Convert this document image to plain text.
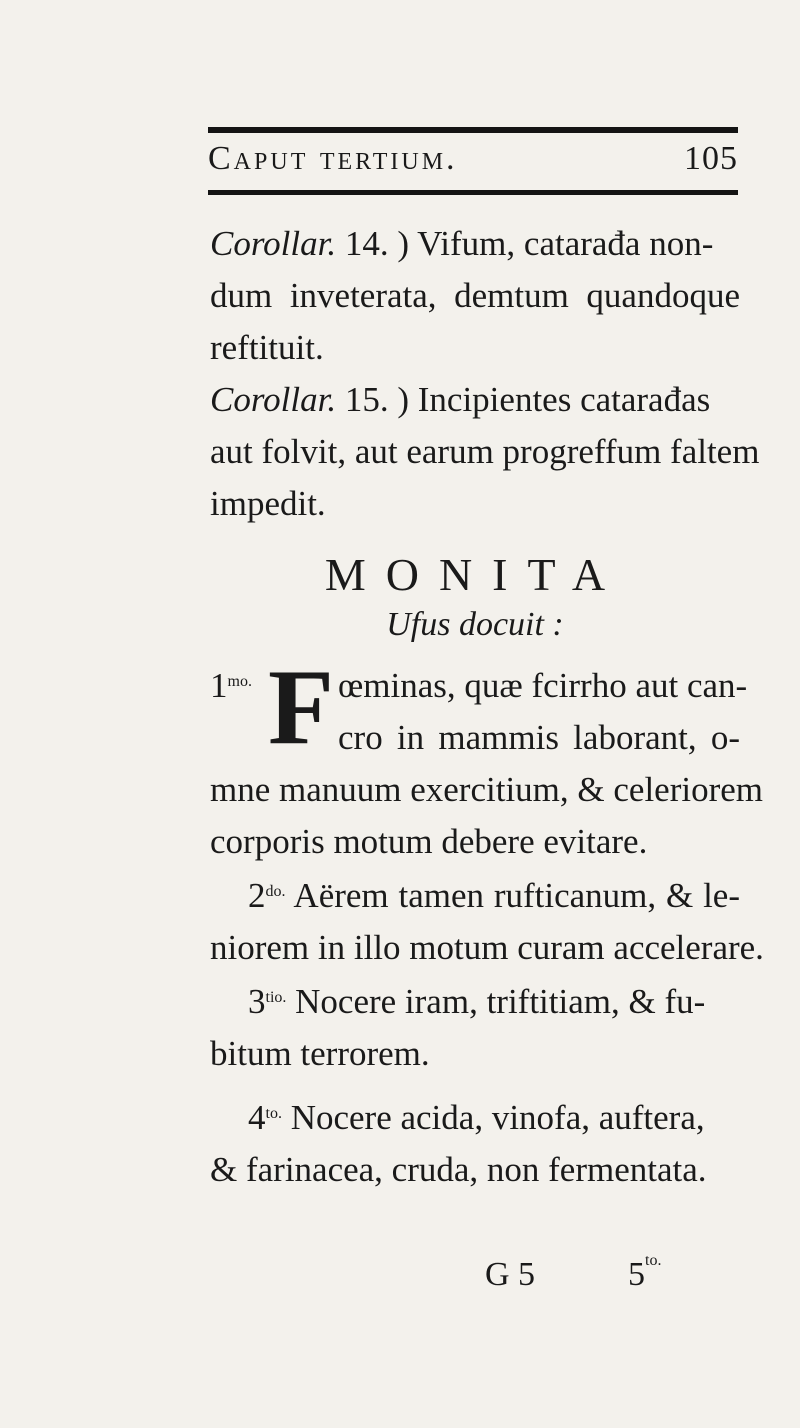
Caput tertium.	105
Corollar. 14. ) Vifum, catarađa non-
dum inveterata, demtum quandoque
reftituit.
Corollar. 15. ) Incipientes catarađas
aut folvit, aut earum progreffum faltem
impedit.
MONITA
Ufus docuit :
$1^{mo.}$ F œminas, quæ fcirrho aut can-
cro in mammis laborant, o-
mne manuum exercitium, & celeriorem
corporis motum debere evitare.
$2^{do.}$ Aërem tamen rufticanum, & le-
niorem in illo motum curam accelerare.
$3^{tio.}$ Nocere iram, triftitiam, & fu-
bitum terrorem.
$4^{to.}$ Nocere acida, vinofa, auftera,
& farinacea, cruda, non fermentata.
G 5	$5^{to.}$
